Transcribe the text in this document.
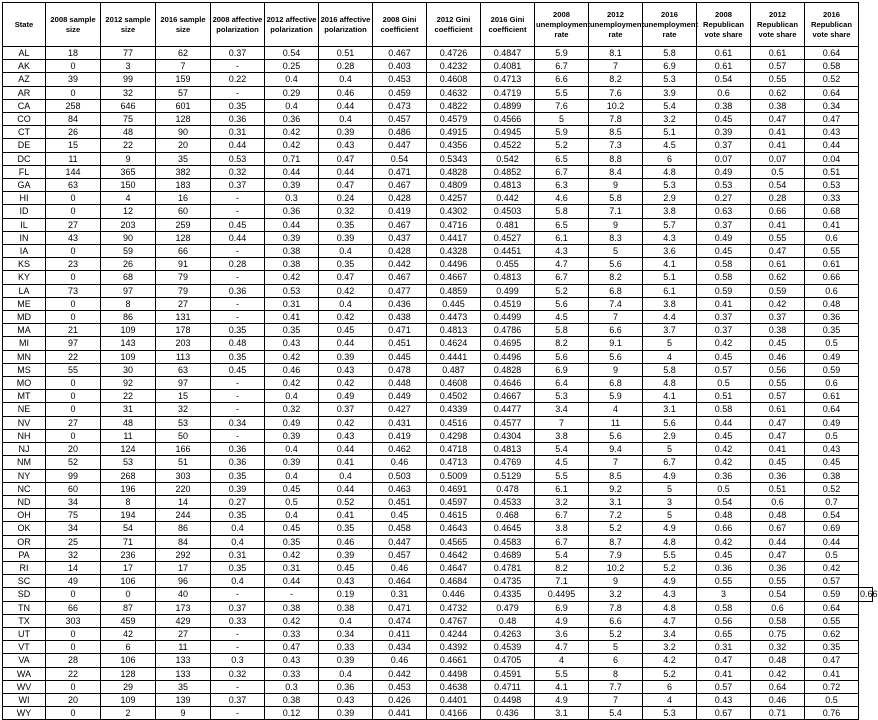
State	2008 sample size	2012 sample size	2016 sample size	2008 affective polarization	2012 affective polarization	2016 affective polarization	2008 Gini coefficient	2012 Gini coefficient	2016 Gini coefficient	2008 unemployment rate	2012 unemployment rate	2016 unemployment rate	2008 Republican vote share	2012 Republican vote share	2016 Republican vote share	
AL	18	77	62	0.37	0.54	0.51	0.467	0.4726	0.4847	5.9	8.1	5.8	0.61	0.61	0.64	
AK	0	3	7	-	0.25	0.28	0.403	0.4232	0.4081	6.7	7	6.9	0.61	0.57	0.58	
AZ	39	99	159	0.22	0.4	0.4	0.453	0.4608	0.4713	6.6	8.2	5.3	0.54	0.55	0.52	
AR	0	32	57	-	0.29	0.46	0.459	0.4632	0.4719	5.5	7.6	3.9	0.6	0.62	0.64	
CA	258	646	601	0.35	0.4	0.44	0.473	0.4822	0.4899	7.6	10.2	5.4	0.38	0.38	0.34	
CO	84	75	128	0.36	0.36	0.4	0.457	0.4579	0.4566	5	7.8	3.2	0.45	0.47	0.47	
CT	26	48	90	0.31	0.42	0.39	0.486	0.4915	0.4945	5.9	8.5	5.1	0.39	0.41	0.43	
DE	15	22	20	0.44	0.42	0.43	0.447	0.4356	0.4522	5.2	7.3	4.5	0.37	0.41	0.44	
DC	11	9	35	0.53	0.71	0.47	0.54	0.5343	0.542	6.5	8.8	6	0.07	0.07	0.04	
FL	144	365	382	0.32	0.44	0.44	0.471	0.4828	0.4852	6.7	8.4	4.8	0.49	0.5	0.51	
GA	63	150	183	0.37	0.39	0.47	0.467	0.4809	0.4813	6.3	9	5.3	0.53	0.54	0.53	
HI	0	4	16	-	0.3	0.24	0.428	0.4257	0.442	4.6	5.8	2.9	0.27	0.28	0.33	
ID	0	12	60	-	0.36	0.32	0.419	0.4302	0.4503	5.8	7.1	3.8	0.63	0.66	0.68	
IL	27	203	259	0.45	0.44	0.35	0.467	0.4716	0.481	6.5	9	5.7	0.37	0.41	0.41	
IN	43	90	128	0.44	0.39	0.39	0.437	0.4417	0.4527	6.1	8.3	4.3	0.49	0.55	0.6	
IA	0	59	66	-	0.38	0.4	0.428	0.4328	0.4451	4.3	5	3.6	0.45	0.47	0.55	
KS	23	26	91	0.28	0.38	0.35	0.442	0.4496	0.455	4.7	5.6	4.1	0.58	0.61	0.61	
KY	0	68	79	-	0.42	0.47	0.467	0.4667	0.4813	6.7	8.2	5.1	0.58	0.62	0.66	
LA	73	97	79	0.36	0.53	0.42	0.477	0.4859	0.499	5.2	6.8	6.1	0.59	0.59	0.6	
ME	0	8	27	-	0.31	0.4	0.436	0.445	0.4519	5.6	7.4	3.8	0.41	0.42	0.48	
MD	0	86	131	-	0.41	0.42	0.438	0.4473	0.4499	4.5	7	4.4	0.37	0.37	0.36	
MA	21	109	178	0.35	0.35	0.45	0.471	0.4813	0.4786	5.8	6.6	3.7	0.37	0.38	0.35	
MI	97	143	203	0.48	0.43	0.44	0.451	0.4624	0.4695	8.2	9.1	5	0.42	0.45	0.5	
MN	22	109	113	0.35	0.42	0.39	0.445	0.4441	0.4496	5.6	5.6	4	0.45	0.46	0.49	
MS	55	30	63	0.45	0.46	0.43	0.478	0.487	0.4828	6.9	9	5.8	0.57	0.56	0.59	
MO	0	92	97	-	0.42	0.42	0.448	0.4608	0.4646	6.4	6.8	4.8	0.5	0.55	0.6	
MT	0	22	15	-	0.4	0.49	0.449	0.4502	0.4667	5.3	5.9	4.1	0.51	0.57	0.61	
NE	0	31	32	-	0.32	0.37	0.427	0.4339	0.4477	3.4	4	3.1	0.58	0.61	0.64	
NV	27	48	53	0.34	0.49	0.42	0.431	0.4516	0.4577	7	11	5.6	0.44	0.47	0.49	
NH	0	11	50	-	0.39	0.43	0.419	0.4298	0.4304	3.8	5.6	2.9	0.45	0.47	0.5	
NJ	20	124	166	0.36	0.4	0.44	0.462	0.4718	0.4813	5.4	9.4	5	0.42	0.41	0.43	
NM	52	53	51	0.36	0.39	0.41	0.46	0.4713	0.4769	4.5	7	6.7	0.42	0.45	0.45	
NY	99	268	303	0.35	0.4	0.4	0.503	0.5009	0.5129	5.5	8.5	4.9	0.36	0.36	0.38	
NC	60	196	220	0.39	0.45	0.44	0.463	0.4691	0.478	6.1	9.2	5	0.5	0.51	0.52	
ND	34	8	14	0.27	0.5	0.52	0.451	0.4597	0.4533	3.2	3.1	3	0.54	0.6	0.7	
OH	75	194	244	0.35	0.4	0.41	0.45	0.4615	0.468	6.7	7.2	5	0.48	0.48	0.54	
OK	34	54	86	0.4	0.45	0.35	0.458	0.4643	0.4645	3.8	5.2	4.9	0.66	0.67	0.69	
OR	25	71	84	0.4	0.35	0.46	0.447	0.4565	0.4583	6.7	8.7	4.8	0.42	0.44	0.44	
PA	32	236	292	0.31	0.42	0.39	0.457	0.4642	0.4689	5.4	7.9	5.5	0.45	0.47	0.5	
RI	14	17	17	0.35	0.31	0.45	0.46	0.4647	0.4781	8.2	10.2	5.2	0.36	0.36	0.42	
SC	49	106	96	0.4	0.44	0.43	0.464	0.4684	0.4735	7.1	9	4.9	0.55	0.55	0.57	
SD	0	0	40	-	-	0.19	0.31	0.446	0.4335	0.4495	3.2	4.3	3	0.54	0.59	0.66
TN	66	87	173	0.37	0.38	0.38	0.471	0.4732	0.479	6.9	7.8	4.8	0.58	0.6	0.64	
TX	303	459	429	0.33	0.42	0.4	0.474	0.4767	0.48	4.9	6.6	4.7	0.56	0.58	0.55	
UT	0	42	27	-	0.33	0.34	0.411	0.4244	0.4263	3.6	5.2	3.4	0.65	0.75	0.62	
VT	0	6	11	-	0.47	0.33	0.434	0.4392	0.4539	4.7	5	3.2	0.31	0.32	0.35	
VA	28	106	133	0.3	0.43	0.39	0.46	0.4661	0.4705	4	6	4.2	0.47	0.48	0.47	
WA	22	128	133	0.32	0.33	0.4	0.442	0.4498	0.4591	5.5	8	5.2	0.41	0.42	0.41	
WV	0	29	35	-	0.3	0.36	0.453	0.4638	0.4711	4.1	7.7	6	0.57	0.64	0.72	
WI	20	109	139	0.37	0.38	0.43	0.426	0.4401	0.4498	4.9	7	4	0.43	0.46	0.5	
WY	0	2	9	-	0.12	0.39	0.441	0.4166	0.436	3.1	5.4	5.3	0.67	0.71	0.76	
